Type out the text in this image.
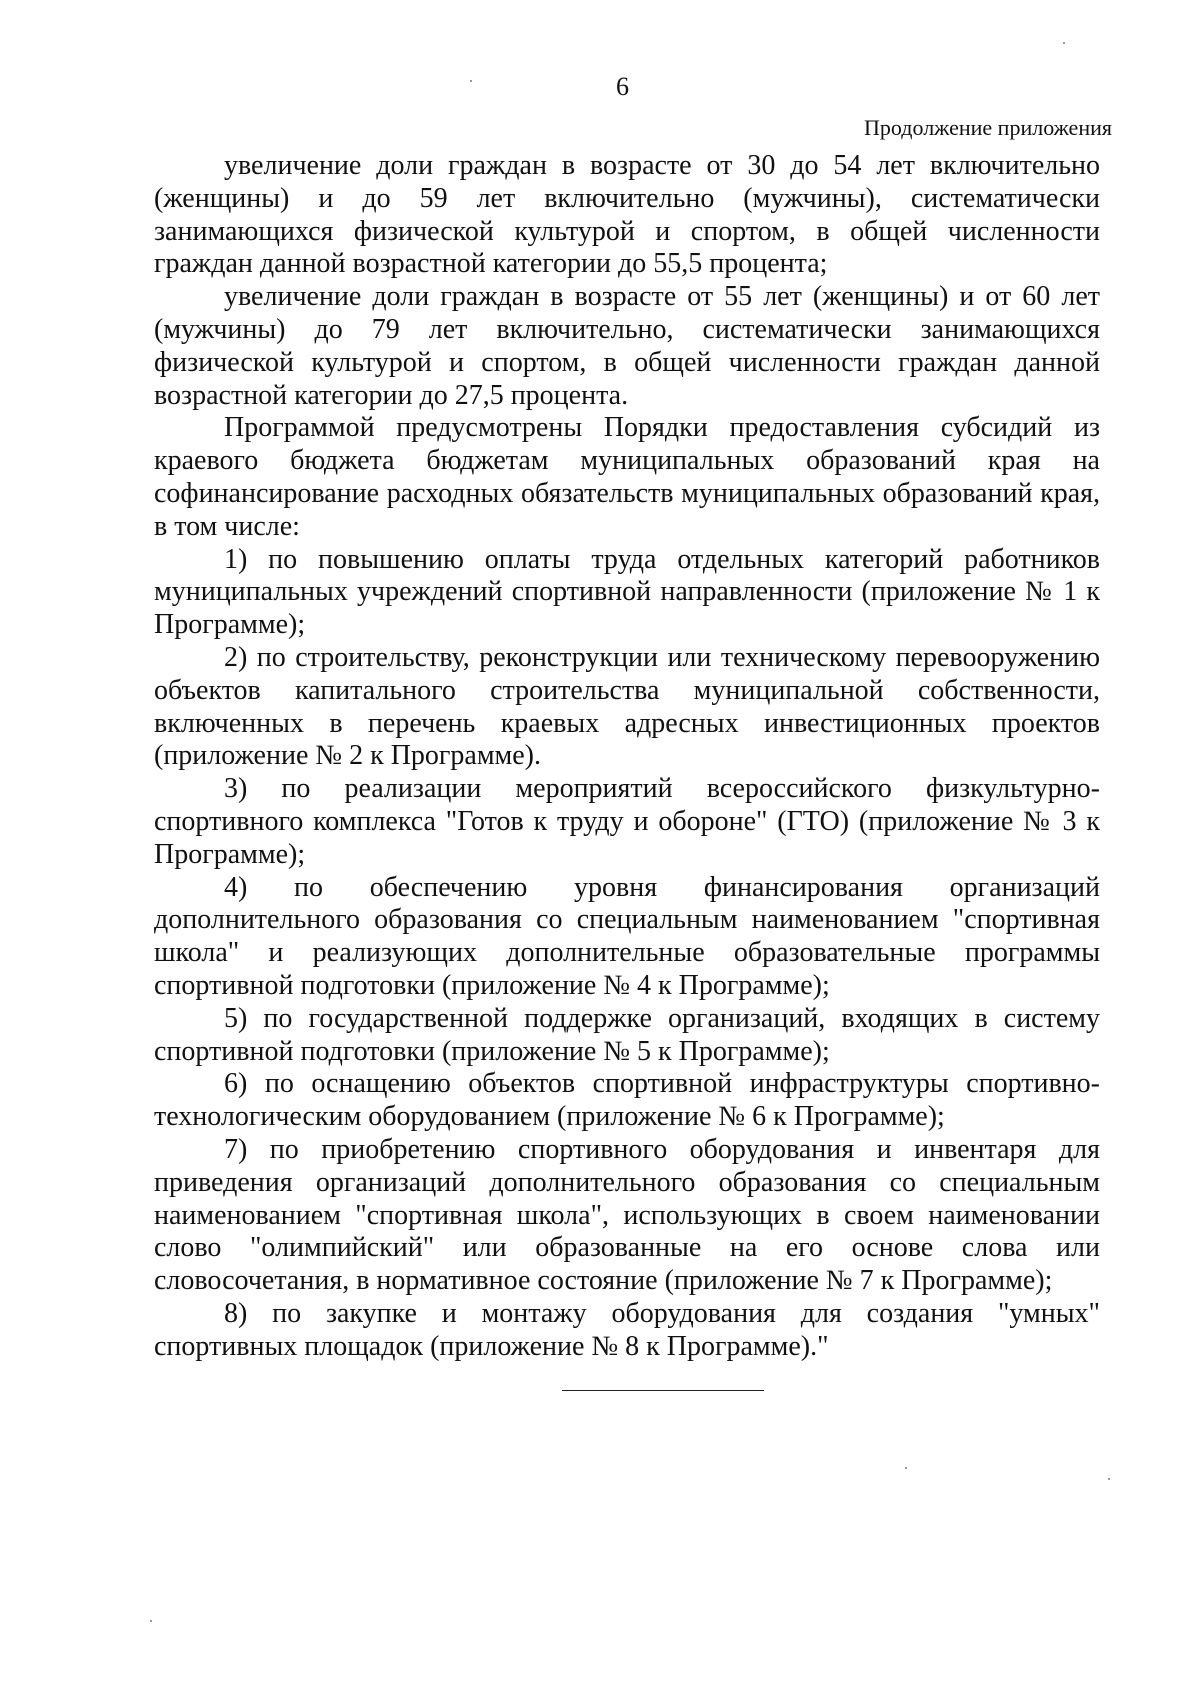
6
Продолжение приложения

увеличение доли граждан в возрасте от 30 до 54 лет включительно (женщины) и до 59 лет включительно (мужчины), систематически занимающихся физической культурой и спортом, в общей численности граждан данной возрастной категории до 55,5 процента;

увеличение доли граждан в возрасте от 55 лет (женщины) и от 60 лет (мужчины) до 79 лет включительно, систематически занимающихся физической культурой и спортом, в общей численности граждан данной возрастной категории до 27,5 процента.

Программой предусмотрены Порядки предоставления субсидий из краевого бюджета бюджетам муниципальных образований края на софинансирование расходных обязательств муниципальных образований края, в том числе:

1) по повышению оплаты труда отдельных категорий работников муниципальных учреждений спортивной направленности (приложение № 1 к Программе);

2) по строительству, реконструкции или техническому перевооружению объектов капитального строительства муниципальной собственности, включенных в перечень краевых адресных инвестиционных проектов (приложение № 2 к Программе).

3) по реализации мероприятий всероссийского физкультурно-спортивного комплекса "Готов к труду и обороне" (ГТО) (приложение № 3 к Программе);

4) по обеспечению уровня финансирования организаций дополнительного образования со специальным наименованием "спортивная школа" и реализующих дополнительные образовательные программы спортивной подготовки (приложение № 4 к Программе);

5) по государственной поддержке организаций, входящих в систему спортивной подготовки (приложение № 5 к Программе);

6) по оснащению объектов спортивной инфраструктуры спортивно-технологическим оборудованием (приложение № 6 к Программе);

7) по приобретению спортивного оборудования и инвентаря для приведения организаций дополнительного образования со специальным наименованием "спортивная школа", использующих в своем наименовании слово "олимпийский" или образованные на его основе слова или словосочетания, в нормативное состояние (приложение № 7 к Программе);

8) по закупке и монтажу оборудования для создания "умных" спортивных площадок (приложение № 8 к Программе)."
